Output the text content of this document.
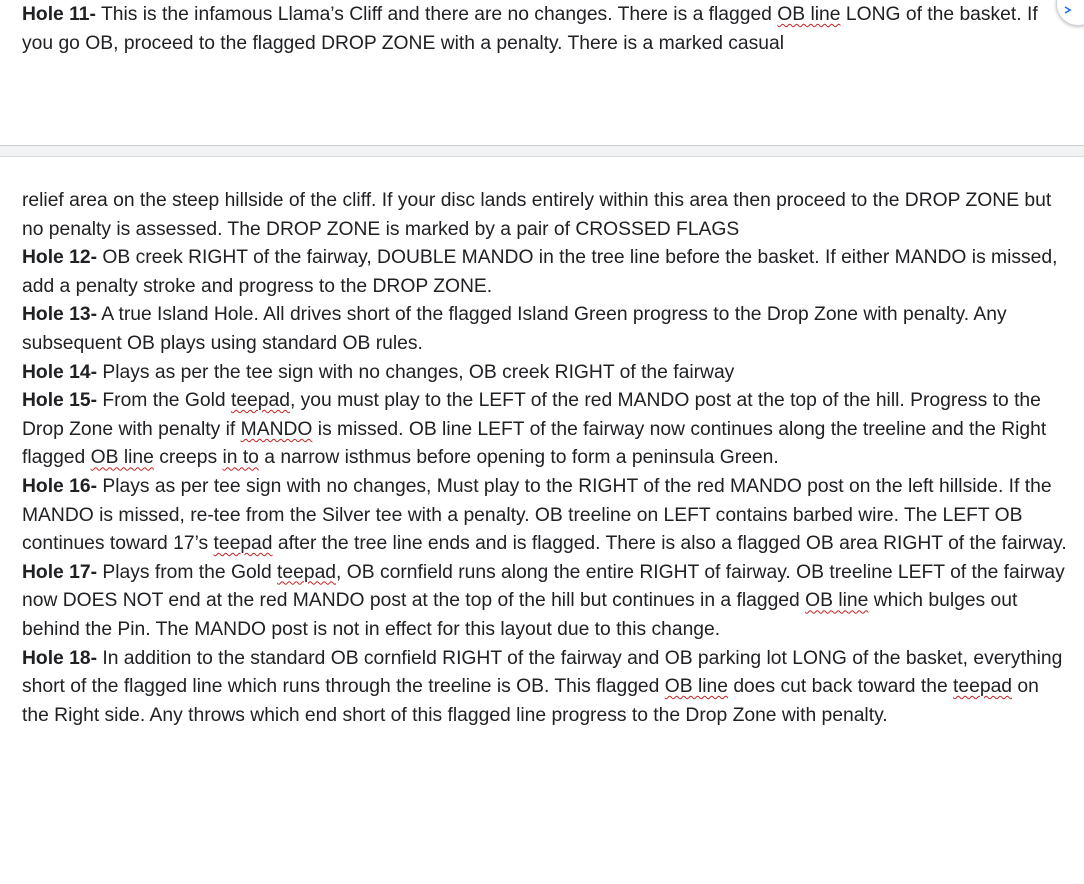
Hole 11- This is the infamous Llama’s Cliff and there are no changes. There is a flagged OB line LONG of the basket. If you go OB, proceed to the flagged DROP ZONE with a penalty. There is a marked casual

relief area on the steep hillside of the cliff. If your disc lands entirely within this area then proceed to the DROP ZONE but no penalty is assessed. The DROP ZONE is marked by a pair of CROSSED FLAGS

Hole 12- OB creek RIGHT of the fairway, DOUBLE MANDO in the tree line before the basket. If either MANDO is missed, add a penalty stroke and progress to the DROP ZONE.

Hole 13- A true Island Hole. All drives short of the flagged Island Green progress to the Drop Zone with penalty. Any subsequent OB plays using standard OB rules.

Hole 14- Plays as per the tee sign with no changes, OB creek RIGHT of the fairway

Hole 15- From the Gold teepad, you must play to the LEFT of the red MANDO post at the top of the hill. Progress to the Drop Zone with penalty if MANDO is missed. OB line LEFT of the fairway now continues along the treeline and the Right flagged OB line creeps in to a narrow isthmus before opening to form a peninsula Green.

Hole 16- Plays as per tee sign with no changes, Must play to the RIGHT of the red MANDO post on the left hillside. If the MANDO is missed, re-tee from the Silver tee with a penalty. OB treeline on LEFT contains barbed wire. The LEFT OB continues toward 17’s teepad after the tree line ends and is flagged. There is also a flagged OB area RIGHT of the fairway.

Hole 17- Plays from the Gold teepad, OB cornfield runs along the entire RIGHT of fairway. OB treeline LEFT of the fairway now DOES NOT end at the red MANDO post at the top of the hill but continues in a flagged OB line which bulges out behind the Pin. The MANDO post is not in effect for this layout due to this change.

Hole 18- In addition to the standard OB cornfield RIGHT of the fairway and OB parking lot LONG of the basket, everything short of the flagged line which runs through the treeline is OB. This flagged OB line does cut back toward the teepad on the Right side. Any throws which end short of this flagged line progress to the Drop Zone with penalty.
